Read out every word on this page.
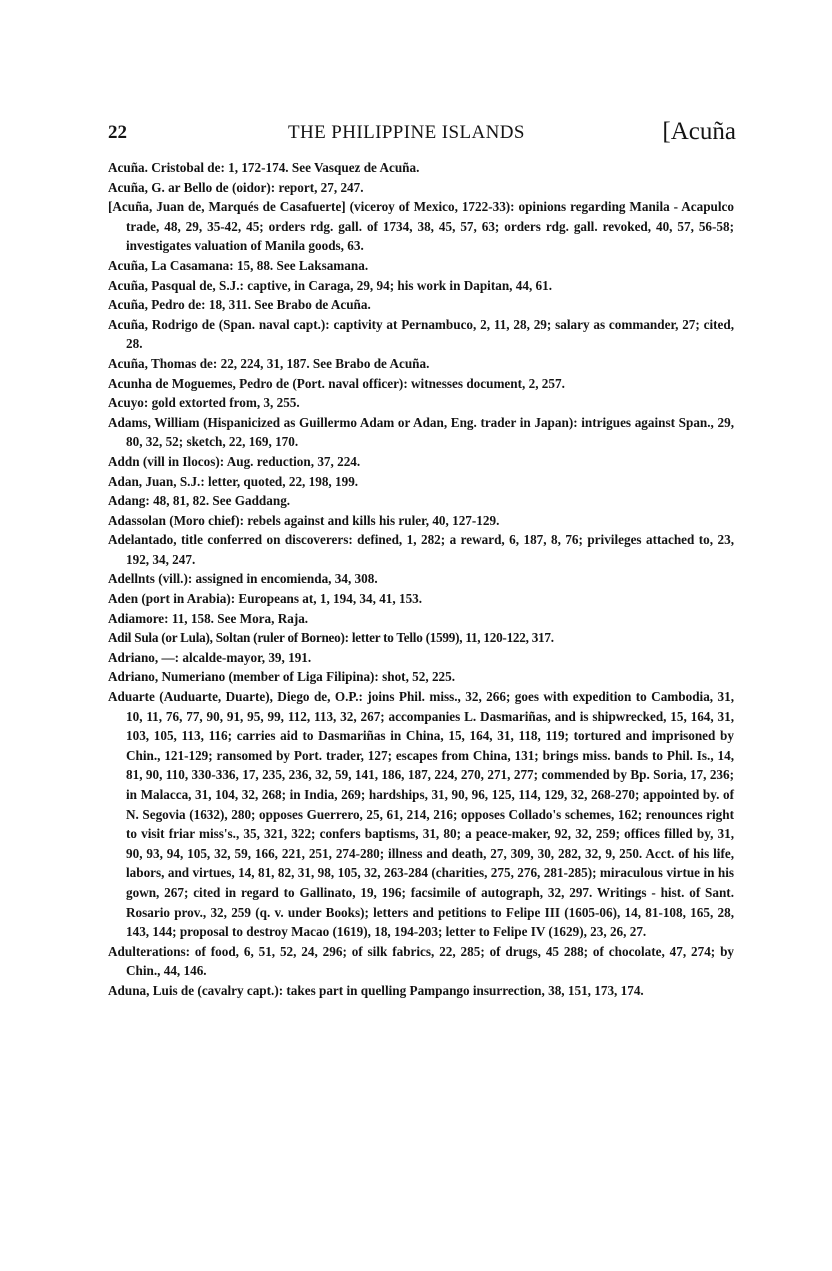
22	THE PHILIPPINE ISLANDS	[Acuña

Acuña. Cristobal de: 1, 172-174. See Vasquez de Acuña.

Acuña, G. ar Bello de (oidor): report, 27, 247.

[Acuña, Juan de, Marqués de Casafuerte] (viceroy of Mexico, 1722-33): opinions regarding Manila - Acapulco trade, 48, 29, 35-42, 45; orders rdg. gall. of 1734, 38, 45, 57, 63; orders rdg. gall. revoked, 40, 57, 56-58; investigates valuation of Manila goods, 63.

Acuña, La Casamana: 15, 88. See Laksamana.

Acuña, Pasqual de, S.J.: captive, in Caraga, 29, 94; his work in Dapitan, 44, 61.

Acuña, Pedro de: 18, 311. See Brabo de Acuña.

Acuña, Rodrigo de (Span. naval capt.): captivity at Pernambuco, 2, 11, 28, 29; salary as commander, 27; cited, 28.

Acuña, Thomas de: 22, 224, 31, 187. See Brabo de Acuña.

Acunha de Moguemes, Pedro de (Port. naval officer): witnesses document, 2, 257.

Acuyo: gold extorted from, 3, 255.

Adams, William (Hispanicized as Guillermo Adam or Adan, Eng. trader in Japan): intrigues against Span., 29, 80, 32, 52; sketch, 22, 169, 170.

Addn (vill in Ilocos): Aug. reduction, 37, 224.

Adan, Juan, S.J.: letter, quoted, 22, 198, 199.

Adang: 48, 81, 82. See Gaddang.

Adassolan (Moro chief): rebels against and kills his ruler, 40, 127-129.

Adelantado, title conferred on discoverers: defined, 1, 282; a reward, 6, 187, 8, 76; privileges attached to, 23, 192, 34, 247.

Adellnts (vill.): assigned in encomienda, 34, 308.

Aden (port in Arabia): Europeans at, 1, 194, 34, 41, 153.

Adiamore: 11, 158. See Mora, Raja.

Adil Sula (or Lula), Soltan (ruler of Borneo): letter to Tello (1599), 11, 120-122, 317.

Adriano, —: alcalde-mayor, 39, 191.

Adriano, Numeriano (member of Liga Filipina): shot, 52, 225.

Aduarte (Auduarte, Duarte), Diego de, O.P.: joins Phil. miss., 32, 266; goes with expedition to Cambodia, 31, 10, 11, 76, 77, 90, 91, 95, 99, 112, 113, 32, 267; accompanies L. Dasmariñas, and is shipwrecked, 15, 164, 31, 103, 105, 113, 116; carries aid to Dasmariñas in China, 15, 164, 31, 118, 119; tortured and imprisoned by Chin., 121-129; ransomed by Port. trader, 127; escapes from China, 131; brings miss. bands to Phil. Is., 14, 81, 90, 110, 330-336, 17, 235, 236, 32, 59, 141, 186, 187, 224, 270, 271, 277; commended by Bp. Soria, 17, 236; in Malacca, 31, 104, 32, 268; in India, 269; hardships, 31, 90, 96, 125, 114, 129, 32, 268-270; appointed by. of N. Segovia (1632), 280; opposes Guerrero, 25, 61, 214, 216; opposes Collado's schemes, 162; renounces right to visit friar miss's., 35, 321, 322; confers baptisms, 31, 80; a peace-maker, 92, 32, 259; offices filled by, 31, 90, 93, 94, 105, 32, 59, 166, 221, 251, 274-280; illness and death, 27, 309, 30, 282, 32, 9, 250. Acct. of his life, labors, and virtues, 14, 81, 82, 31, 98, 105, 32, 263-284 (charities, 275, 276, 281-285); miraculous virtue in his gown, 267; cited in regard to Gallinato, 19, 196; facsimile of autograph, 32, 297. Writings - hist. of Sant. Rosario prov., 32, 259 (q. v. under Books); letters and petitions to Felipe III (1605-06), 14, 81-108, 165, 28, 143, 144; proposal to destroy Macao (1619), 18, 194-203; letter to Felipe IV (1629), 23, 26, 27.

Adulterations: of food, 6, 51, 52, 24, 296; of silk fabrics, 22, 285; of drugs, 45 288; of chocolate, 47, 274; by Chin., 44, 146.

Aduna, Luis de (cavalry capt.): takes part in quelling Pampango insurrection, 38, 151, 173, 174.
